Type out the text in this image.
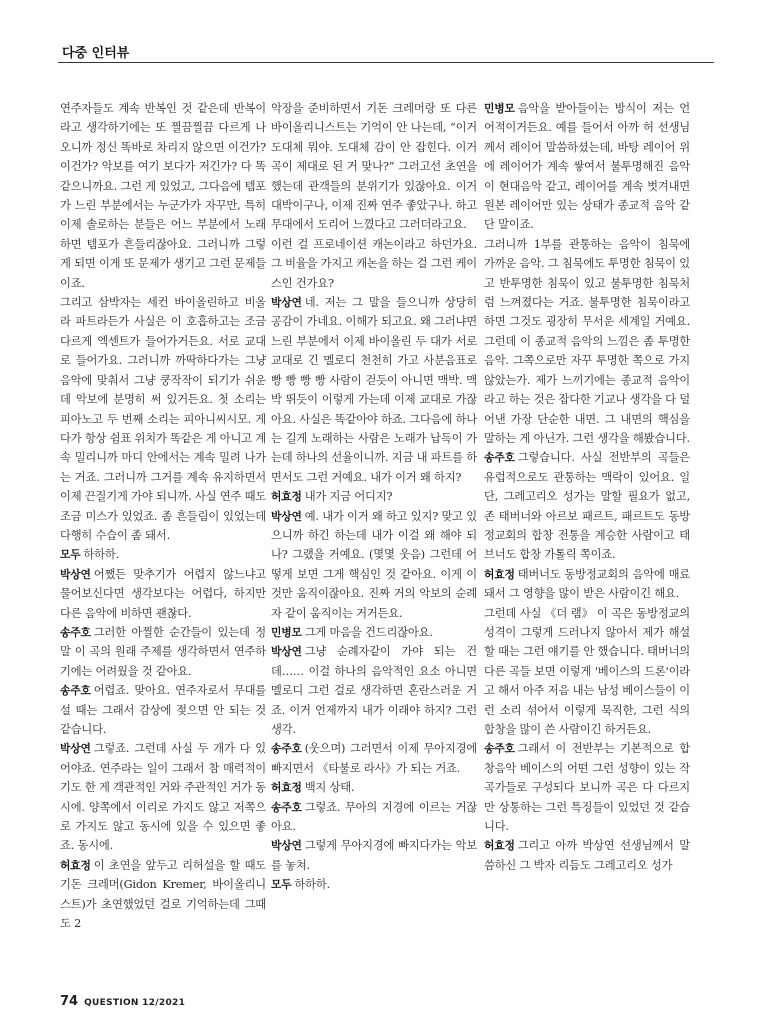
다중 인터뷰

연주자들도 계속 반복인 것 같은데 반복이라고 생각하기에는 또 찔끔찔끔 다르게 나오니까 정신 똑바로 차리지 않으면 이건가? 이건가? 악보를 여기 보다가 저긴가? 다 똑같으니까요. 그런 게 있었고, 그다음에 템포가 느린 부분에서는 누군가가 자꾸만, 특히 이제 솔로하는 분들은 어느 부분에서 노래하면 템포가 흔들리잖아요. 그러니까 그렇게 되면 이게 또 문제가 생기고 그런 문제들이죠.

그리고 삼박자는 세컨 바이올린하고 비올라 파트라든가 사실은 이 호흡하고는 조금 다르게 엑센트가 들어가거든요. 서로 교대로 들어가요. 그러니까 까딱하다가는 그냥 음악에 맞춰서 그냥 쿵작작이 되기가 쉬운데 악보에 분명히 써 있거든요. 첫 소리는 피아노고 두 번째 소리는 피아니씨시모. 게다가 항상 쉼표 위치가 똑같은 게 아니고 계속 밀리니까 마디 안에서는 계속 밀려 나가는 거죠. 그러니까 그거를 계속 유지하면서 이제 끈질기게 가야 되니까. 사실 연주 때도 조금 미스가 있었죠. 좀 흔들림이 있었는데 다행히 수습이 좀 돼서.

모두 하하하.

박상연 어쨌든 맞추기가 어렵지 않느냐고 물어보신다면 생각보다는 어렵다, 하지만 다른 음악에 비하면 괜찮다.

송주호 그러한 아찔한 순간들이 있는데 정말 이 곡의 원래 주제를 생각하면서 연주하기에는 어려웠을 것 같아요.

송주호 어렵죠. 맞아요. 연주자로서 무대를 설 때는 그래서 감상에 젖으면 안 되는 것 같습니다.

박상연 그렇죠. 그런데 사실 두 개가 다 있어야죠. 연주라는 일이 그래서 참 매력적이기도 한 게 객관적인 거와 주관적인 거가 동시에. 양쪽에서 이리로 가지도 않고 저쪽으로 가지도 않고 동시에 있을 수 있으면 좋죠. 동시에.

허효정 이 초연을 앞두고 리허설을 할 때도 기돈 크레머(Gidon Kremer, 바이올리니스트)가 초연했었던 걸로 기억하는데 그때도 2

악장을 준비하면서 기돈 크레머랑 또 다른 바이올리니스트는 기억이 안 나는데, “이거 도대체 뭐야. 도대체 감이 안 잡힌다. 이거 곡이 제대로 된 거 맞나?” 그러고선 초연을 했는데 관객들의 분위기가 있잖아요. 이거 대박이구나, 이제 진짜 연주 좋았구나. 하고 무대에서 도리어 느꼈다고 그러더라고요.

이런 걸 프로네이션 캐논이라고 하던가요. 그 비율을 가지고 캐논을 하는 걸 그런 케이스인 건가요?

박상연 네. 저는 그 말을 들으니까 상당히 공감이 가네요. 이해가 되고요. 왜 그러냐면 느린 부분에서 이제 바이올린 두 대가 서로 교대로 긴 멜로디 천천히 가고 사분음표로 빵 빵 빵 빵 사람이 걷듯이 아니면 맥박. 맥박 뛰듯이 이렇게 가는데 이제 교대로 가잖아요. 사실은 똑같아야 하죠. 그다음에 하나는 길게 노래하는 사람은 노래가 납득이 가는데 하나의 선율이니까. 지금 내 파트를 하면서도 그런 거예요. 내가 이거 왜 하지?

허효정 내가 지금 어디지?

박상연 예. 내가 이거 왜 하고 있지? 맞고 있으니까 하긴 하는데 내가 이걸 왜 해야 되나? 그랬을 거예요. (몇몇 웃음) 그런데 어떻게 보면 그게 핵심인 것 같아요. 이게 이것만 움직이잖아요. 진짜 거의 악보의 순례자 같이 움직이는 거거든요.

민병모 그게 마음을 건드리잖아요.

박상연 그냥 순례자같이 가야 되는 건데…… 이걸 하나의 음악적인 요소 아니면 멜로디 그런 걸로 생각하면 혼란스러운 거죠. 이거 언제까지 내가 이래야 하지? 그런 생각.

송주호 (웃으며) 그러면서 이제 무아지경에 빠지면서 《타불로 라사》가 되는 거죠.

허효정 백지 상태.

송주호 그렇죠. 무아의 지경에 이르는 거잖아요.

박상연 그렇게 무아지경에 빠지다가는 악보를 놓쳐.

모두 하하하.

민병모 음악을 받아들이는 방식이 저는 언어적이거든요. 예를 들어서 아까 허 선생님께서 레이어 말씀하셨는데, 바탕 레이어 위에 레이어가 계속 쌓여서 불투명해진 음악이 현대음악 같고, 레이어를 계속 벗겨내면 원본 레이어만 있는 상태가 종교적 음악 같단 말이죠.

그러니까 1부를 관통하는 음악이 침묵에 가까운 음악. 그 침묵에도 투명한 침묵이 있고 반투명한 침묵이 있고 불투명한 침묵처럼 느껴졌다는 거죠. 불투명한 침묵이라고 하면 그것도 굉장히 무서운 세계일 거예요. 그런데 이 종교적 음악의 느낌은 좀 투명한 음악. 그쪽으로만 자꾸 투명한 쪽으로 가지 않았는가. 제가 느끼기에는 종교적 음악이라고 하는 것은 잡다한 기교나 생각을 다 덜어낸 가장 단순한 내면. 그 내면의 핵심을 말하는 게 아닌가. 그런 생각을 해봤습니다.

송주호 그렇습니다. 사실 전반부의 곡들은 유럽적으로도 관통하는 맥락이 있어요. 일단, 그레고리오 성가는 말할 필요가 없고, 존 태버너와 아르보 패르트, 패르트도 동방정교회의 합창 전통을 계승한 사람이고 태브너도 합창 가톨릭 쪽이죠.

허효정 태버너도 동방정교회의 음악에 매료돼서 그 영향을 많이 받은 사람이긴 해요.

그런데 사실 《더 램》 이 곡은 동방정교의 성격이 그렇게 드러나지 않아서 제가 해설할 때는 그런 얘기를 안 했습니다. 태버너의 다른 곡들 보면 이렇게 '베이스의 드론'이라고 해서 아주 저음 내는 남성 베이스들이 이런 소리 섞어서 이렇게 묵직한, 그런 식의 합창을 많이 쓴 사람이긴 하거든요.

송주호 그래서 이 전반부는 기본적으로 합창음악 베이스의 어떤 그런 성향이 있는 작곡가들로 구성되다 보니까 곡은 다 다르지만 상통하는 그런 특징들이 있었던 것 같습니다.

허효정 그리고 아까 박상연 선생님께서 말씀하신 그 박자 리듬도 그레고리오 성가

74 QUESTION 12/2021
